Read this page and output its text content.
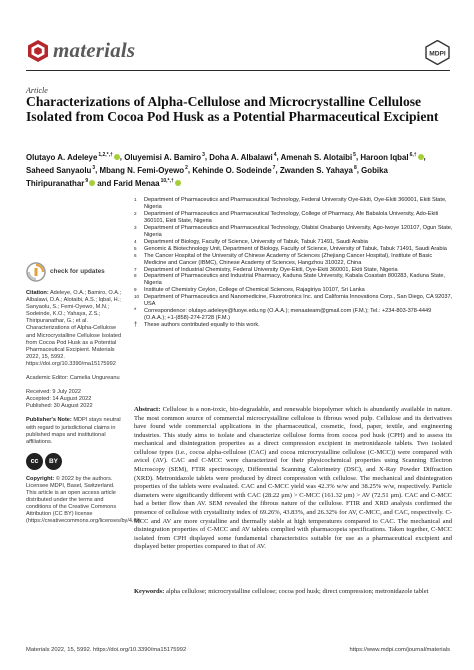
materials	MDPI
Article
Characterizations of Alpha-Cellulose and Microcrystalline Cellulose Isolated from Cocoa Pod Husk as a Potential Pharmaceutical Excipient
Olutayo A. Adeleye$^{1,2,*,\dagger}$ , Oluyemisi A. Bamiro$^3$, Doha A. Albalawi$^4$, Amenah S. Alotaibi$^5$, Haroon Iqbal$^{6,\dagger}$ , Saheed Sanyaolu$^3$, Mbang N. Femi-Oyewo$^2$, Kehinde O. Sodeinde$^7$, Zwanden S. Yahaya$^8$, Gobika Thiripuranathar$^9$ and Farid Menaa$^{10,*,\dagger}$
1 Department of Pharmaceutics and Pharmaceutical Technology, Federal University Oye-Ekiti, Oye-Ekiti 360001, Ekiti State, Nigeria
2 Department of Pharmaceutics and Pharmaceutical Technology, College of Pharmacy, Afe Babalola University, Ado-Ekiti 360101, Ekiti State, Nigeria
3 Department of Pharmaceutics and Pharmaceutical Technology, Olabisi Onabanjo University, Ago-Iwoye 120107, Ogun State, Nigeria
4 Department of Biology, Faculty of Science, University of Tabuk, Tabuk 71491, Saudi Arabia
5 Genomic & Biotechnology Unit, Department of Biology, Faculty of Science, University of Tabuk, Tabuk 71491, Saudi Arabia
6 The Cancer Hospital of the University of Chinese Academy of Sciences (Zhejiang Cancer Hospital), Institute of Basic Medicine and Cancer (IBMC), Chinese Academy of Sciences, Hangzhou 310022, China
7 Department of Industrial Chemistry, Federal University Oye-Ekiti, Oye-Ekiti 360001, Ekiti State, Nigeria
8 Department of Pharmaceutics and Industrial Pharmacy, Kaduna State University, Kabala Coastain 800283, Kaduna State, Nigeria
9 Institute of Chemistry Ceylon, College of Chemical Sciences, Rajagiriya 10107, Sri Lanka
10 Department of Pharmaceutics and Nanomedicine, Fluorotronics Inc. and California Innovations Corp., San Diego, CA 92037, USA
* Correspondence: olutayo.adeleye@fuoye.edu.ng (O.A.A.); menaateam@gmail.com (F.M.); Tel.: +234-803-378-4449 (O.A.A.); +1-(858)-274-2728 (F.M.)
† These authors contributed equally to this work.
check for updates
Citation: Adeleye, O.A.; Bamiro, O.A.; Albalawi, D.A.; Alotaibi, A.S.; Iqbal, H.; Sanyaolu, S.; Femi-Oyewo, M.N.; Sodeinde, K.O.; Yahaya, Z.S.; Thiripuranathar, G.; et al. Characterizations of Alpha-Cellulose and Microcrystalline Cellulose Isolated from Cocoa Pod Husk as a Potential Pharmaceutical Excipient. Materials 2022, 15, 5992. https://doi.org/10.3390/ma15175992
Academic Editor: Camelia Ungureanu
Received: 9 July 2022
Accepted: 14 August 2022
Published: 30 August 2022
Publisher's Note: MDPI stays neutral with regard to jurisdictional claims in published maps and institutional affiliations.
cc	BY
Copyright: © 2022 by the authors. Licensee MDPI, Basel, Switzerland. This article is an open access article distributed under the terms and conditions of the Creative Commons Attribution (CC BY) license (https://creativecommons.org/licenses/by/4.0/).
Abstract: Cellulose is a non-toxic, bio-degradable, and renewable biopolymer which is abundantly available in nature. The most common source of commercial microcrystalline cellulose is fibrous wood pulp. Cellulose and its derivatives have found wide commercial applications in the pharmaceutical, cosmetic, food, paper, textile, and engineering industries. This study aims to isolate and characterize cellulose forms from cocoa pod husk (CPH) and to assess its mechanical and disintegration properties as a direct compression excipient in metronidazole tablets. Two isolated cellulose types (i.e., cocoa alpha-cellulose (CAC) and cocoa microcrystalline cellulose (C-MCC)) were compared with avicel (AV). CAC and C-MCC were characterized for their physicochemical properties using Scanning Electron Microscopy (SEM), FTIR spectroscopy, Differential Scanning Calorimetry (DSC), and X-Ray Powder Diffraction (XRD). Metronidazole tablets were produced by direct compression with cellulose. The mechanical and disintegration properties of the tablets were evaluated. CAC and C-MCC yield was 42.3% w/w and 38.25% w/w, respectively. Particle diameters were significantly different with CAC (28.22 μm) > C-MCC (161.32 μm) > AV (72.51 μm). CAC and C-MCC had a better flow than AV. SEM revealed the fibrous nature of the cellulose. FTIR and XRD analysis confirmed the presence of cellulose with crystallinity index of 69.26%, 43.83%, and 26.32% for AV, C-MCC, and CAC, respectively. C-MCC and AV are more crystalline and thermally stable at high temperatures compared to CAC. The mechanical and disintegration properties of C-MCC and AV tablets complied with pharmacopeia specifications. Taken together, C-MCC isolated from CPH displayed some fundamental characteristics suitable for use as a pharmaceutical excipient and displayed better properties compared to that of AV.
Keywords: alpha cellulose; microcrystalline cellulose; cocoa pod husk; direct compression; metronidazole tablet
Materials 2022, 15, 5992. https://doi.org/10.3390/ma15175992	https://www.mdpi.com/journal/materials
